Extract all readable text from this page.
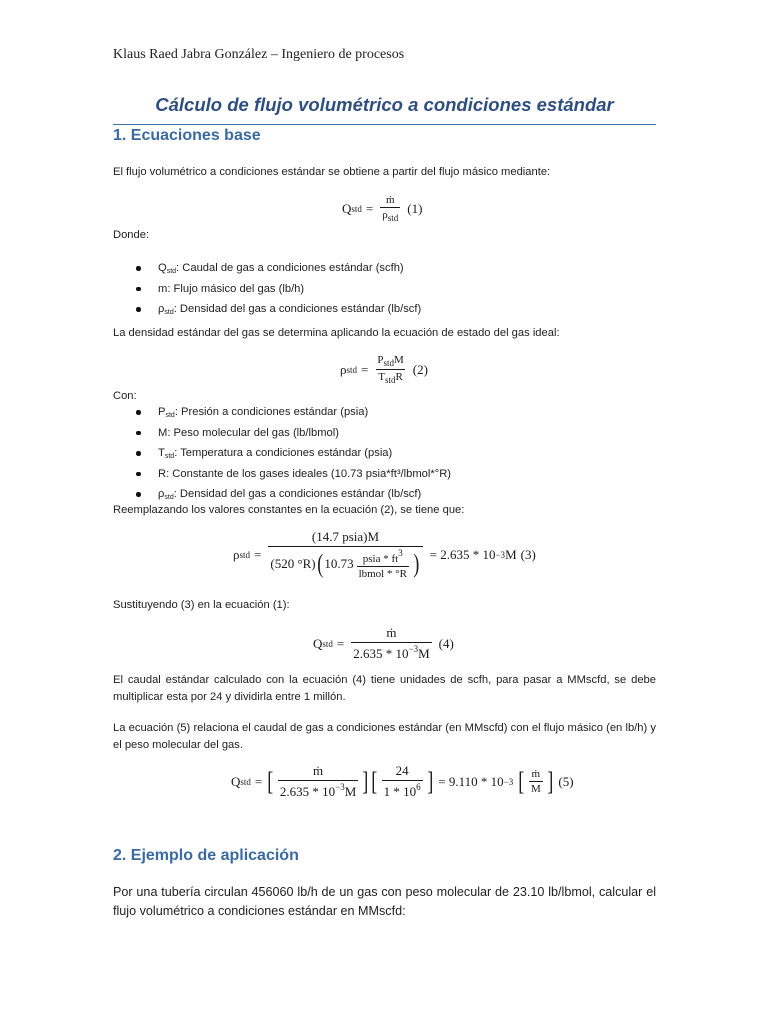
Klaus Raed Jabra González – Ingeniero de procesos
Cálculo de flujo volumétrico a condiciones estándar
1. Ecuaciones base
El flujo volumétrico a condiciones estándar se obtiene a partir del flujo másico mediante:
Q std = $\frac{\text{ṁ}}{\rho_{std}} (1)$
Donde:
$Q_{std}$: Caudal de gas a condiciones estándar (scfh)
m: Flujo másico del gas (lb/h)
$\rho_{std}$: Densidad del gas a condiciones estándar (lb/scf)
La densidad estándar del gas se determina aplicando la ecuación de estado del gas ideal:
ρ std = $\frac{P_{std}M}{T_{std}R} (2)$
Con:
$P_{std}$: Presión a condiciones estándar (psia)
M: Peso molecular del gas (lb/lbmol)
$T_{std}$: Temperatura a condiciones estándar (psia)
R: Constante de los gases ideales (10.73 psia*ft³/lbmol*°R)
$\rho_{std}$: Densidad del gas a condiciones estándar (lb/scf)
Reemplazando los valores constantes en la ecuación (2), se tiene que:
ρ std =
(14.7 psia)M
(520 °R) ( $10.73 \frac{psia * ft^3}{\text{lbmol * °R}}$ ) = 2.635 * 10 −3 M (3)
Sustituyendo (3) en la ecuación (1):
Q std = $\frac{\text{ṁ}}{2.635 * 10^{-3}M} (4)$
El caudal estándar calculado con la ecuación (4) tiene unidades de scfh, para pasar a MMscfd, se debe multiplicar esta por 24 y dividirla entre 1 millón.
La ecuación (5) relaciona el caudal de gas a condiciones estándar (en MMscfd) con el flujo másico (en lb/h) y el peso molecular del gas.
Q std = [ $\frac{\text{ṁ}}{2.635 * 10^{-3}M}$ ] [ $\frac{24}{1 * 10^6}$ ] = 9.110 * 10 −3 [ $\frac{\text{ṁ}}{M}$ ] (5)
2. Ejemplo de aplicación
Por una tubería circulan 456060 lb/h de un gas con peso molecular de 23.10 lb/lbmol, calcular el flujo volumétrico a condiciones estándar en MMscfd:
